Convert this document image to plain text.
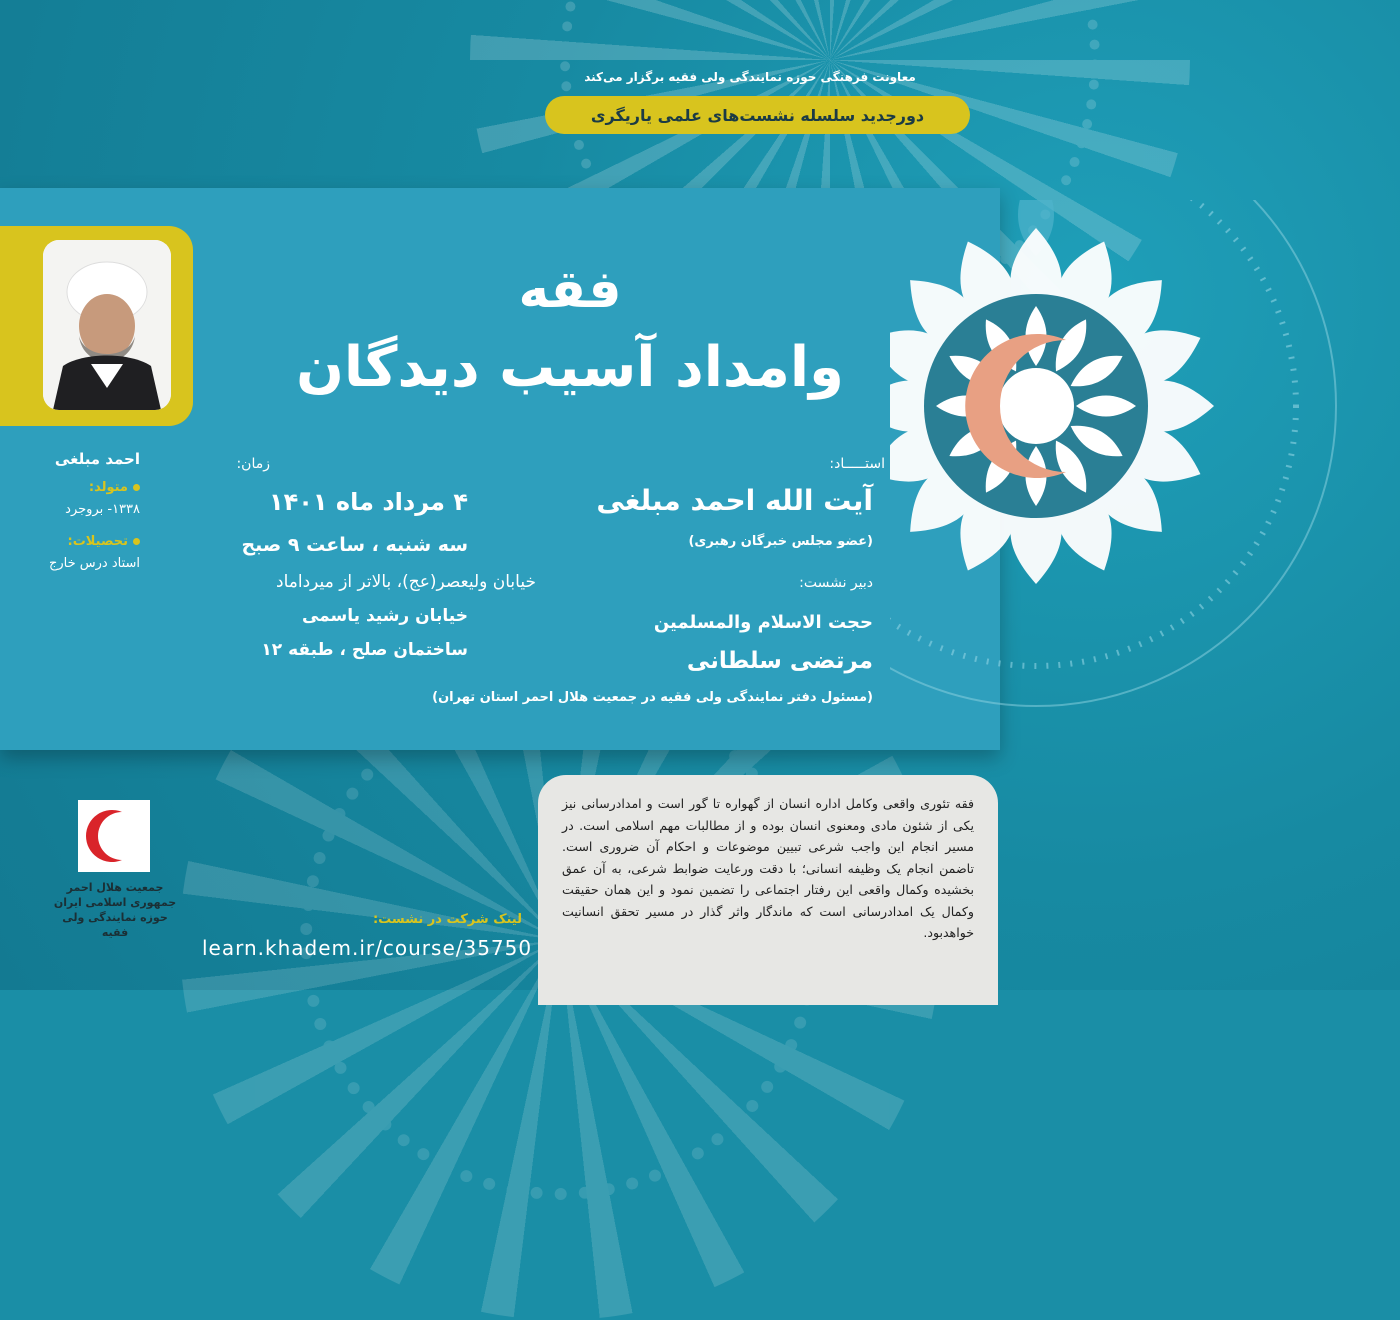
معاونت فرهنگی حوزه نمایندگی ولی فقیه برگزار می‌کند
دورجدید سلسله نشست‌های علمی یاریگری
احمد مبلغی
متولد:
۱۳۳۸- بروجرد
تحصیلات:
استاد درس خارج
فقه
وامداد آسیب دیدگان
استـــــاد:
آیت الله احمد مبلغی
(عضو مجلس خبرگان رهبری)
دبیر نشست:
حجت الاسلام والمسلمین
مرتضی سلطانی
(مسئول دفتر نمایندگی ولی فقیه در جمعیت هلال احمر استان تهران)
زمان:
۴ مرداد ماه ۱۴۰۱
سه شنبه ، ساعت ۹ صبح
خیابان ولیعصر(عج)، بالاتر از میرداماد
خیابان رشید یاسمی
ساختمان صلح ، طبقه ۱۲
فقه تئوری واقعی وکامل اداره انسان از گهواره تا گور است و امدادرسانی نیز یکی از شئون مادی ومعنوی انسان بوده و از مطالبات مهم اسلامی است. در مسیر انجام این واجب شرعی تبیین موضوعات و احکام آن ضروری است. تاضمن انجام یک وظیفه انسانی؛ با دقت ورعایت ضوابط شرعی، به آن عمق بخشیده وکمال واقعی این رفتار اجتماعی را تضمین نمود و این همان حقیقت وکمال یک امدادرسانی است که ماندگار واثر گذار در مسیر تحقق انسانیت خواهدبود.
لینک شرکت در نشست:
learn.khadem.ir/course/35750
جمعیت هلال احمر
جمهوری اسلامی ایران
حوزه نمایندگی ولی فقیه
